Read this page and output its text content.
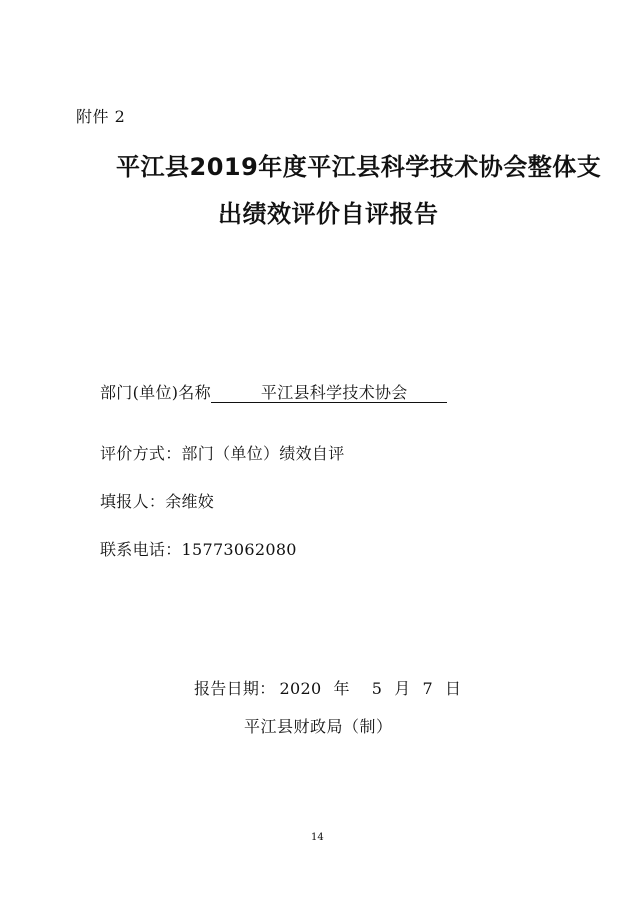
附件 2
平江县2019年度平江县科学技术协会整体支
出绩效评价自评报告
部门(单位)名称	平江县科学技术协会
评价方式：部门（单位）绩效自评
填报人：余维姣
联系电话：15773062080
报告日期： 2020 年 5 月 7 日
平江县财政局（制）
14
